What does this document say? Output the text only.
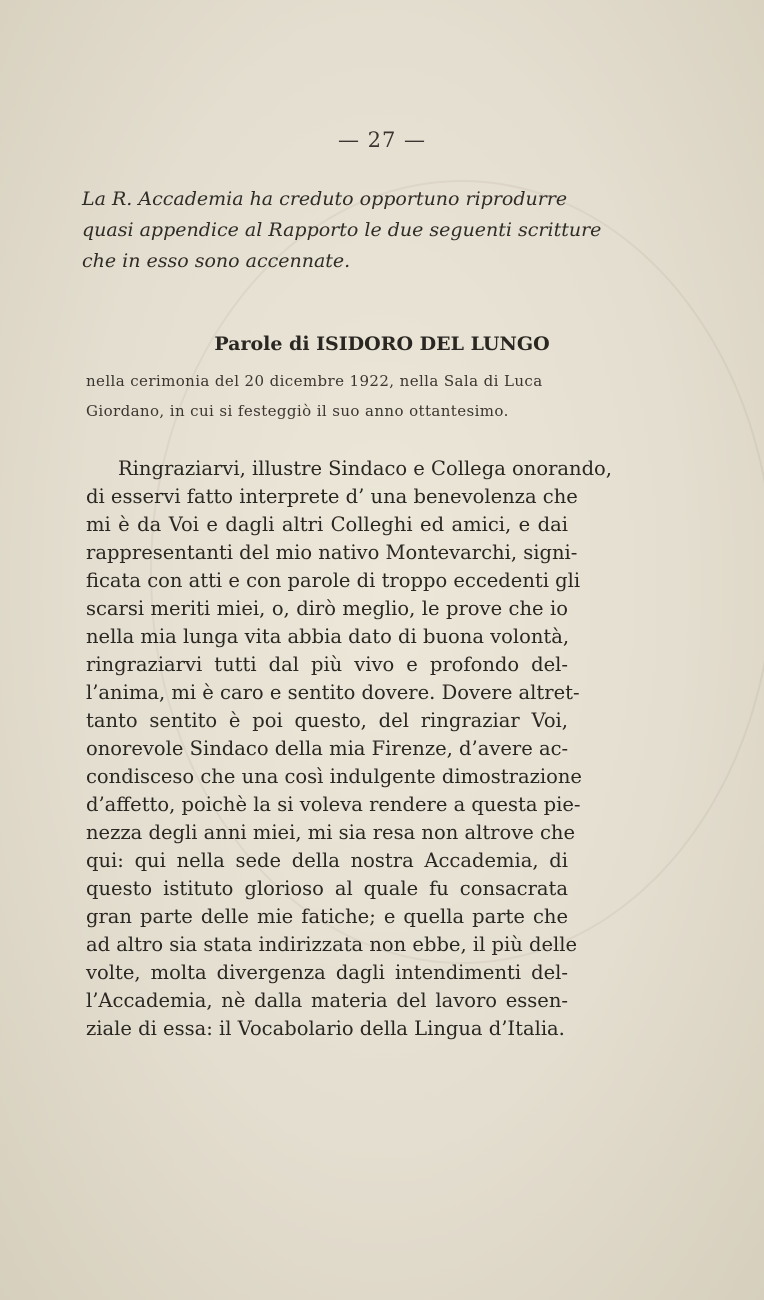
— 27 —
La R. Accademia ha creduto opportuno riprodurre
quasi appendice al Rapporto le due seguenti scritture
che in esso sono accennate.
Parole di ISIDORO DEL LUNGO
nella cerimonia del 20 dicembre 1922, nella Sala di Luca
Giordano, in cui si festeggiò il suo anno ottantesimo.
Ringraziarvi, illustre Sindaco e Collega onorando,
di esservi fatto interprete d’ una benevolenza che
mi è da Voi e dagli altri Colleghi ed amici, e dai
rappresentanti del mio nativo Montevarchi, signi-
ficata con atti e con parole di troppo eccedenti gli
scarsi meriti miei, o, dirò meglio, le prove che io
nella mia lunga vita abbia dato di buona volontà,
ringraziarvi tutti dal più vivo e profondo del-
l’anima, mi è caro e sentito dovere. Dovere altret-
tanto sentito è poi questo, del ringraziar Voi,
onorevole Sindaco della mia Firenze, d’avere ac-
condisceso che una così indulgente dimostrazione
d’affetto, poichè la si voleva rendere a questa pie-
nezza degli anni miei, mi sia resa non altrove che
qui: qui nella sede della nostra Accademia, di
questo istituto glorioso al quale fu consacrata
gran parte delle mie fatiche; e quella parte che
ad altro sia stata indirizzata non ebbe, il più delle
volte, molta divergenza dagli intendimenti del-
l’Accademia, nè dalla materia del lavoro essen-
ziale di essa: il Vocabolario della Lingua d’Italia.
